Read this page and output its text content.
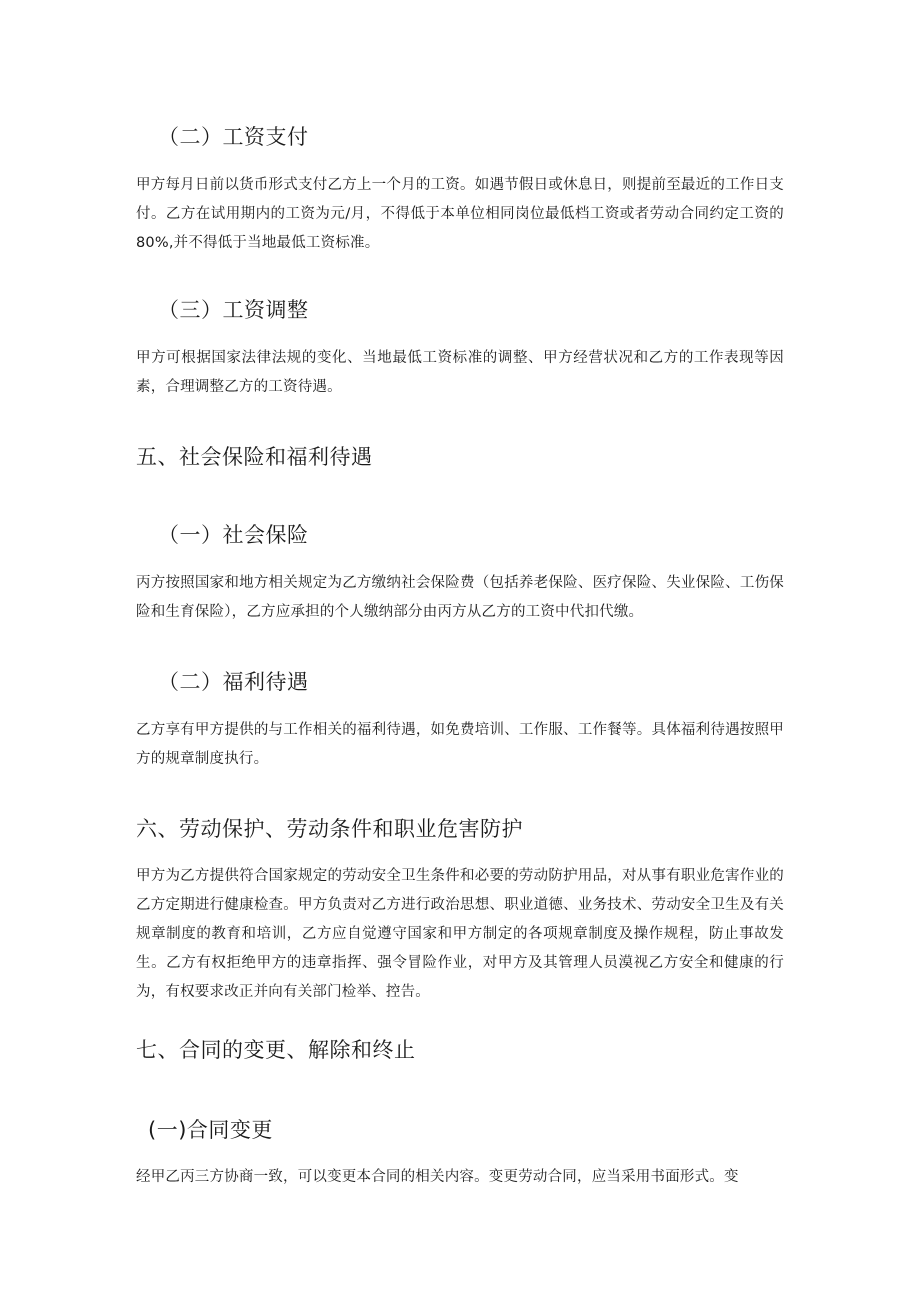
（二）工资支付

甲方每月日前以货币形式支付乙方上一个月的工资。如遇节假日或休息日，则提前至最近的工作日支付。乙方在试用期内的工资为元/月，不得低于本单位相同岗位最低档工资或者劳动合同约定工资的80%,并不得低于当地最低工资标准。

（三）工资调整

甲方可根据国家法律法规的变化、当地最低工资标准的调整、甲方经营状况和乙方的工作表现等因素，合理调整乙方的工资待遇。

五、社会保险和福利待遇
（一）社会保险

丙方按照国家和地方相关规定为乙方缴纳社会保险费（包括养老保险、医疗保险、失业保险、工伤保险和生育保险），乙方应承担的个人缴纳部分由丙方从乙方的工资中代扣代缴。

（二）福利待遇

乙方享有甲方提供的与工作相关的福利待遇，如免费培训、工作服、工作餐等。具体福利待遇按照甲方的规章制度执行。

六、劳动保护、劳动条件和职业危害防护

甲方为乙方提供符合国家规定的劳动安全卫生条件和必要的劳动防护用品，对从事有职业危害作业的乙方定期进行健康检查。甲方负责对乙方进行政治思想、职业道德、业务技术、劳动安全卫生及有关规章制度的教育和培训，乙方应自觉遵守国家和甲方制定的各项规章制度及操作规程，防止事故发生。乙方有权拒绝甲方的违章指挥、强令冒险作业，对甲方及其管理人员漠视乙方安全和健康的行为，有权要求改正并向有关部门检举、控告。

七、合同的变更、解除和终止
(一)合同变更

经甲乙丙三方协商一致，可以变更本合同的相关内容。变更劳动合同，应当采用书面形式。变
